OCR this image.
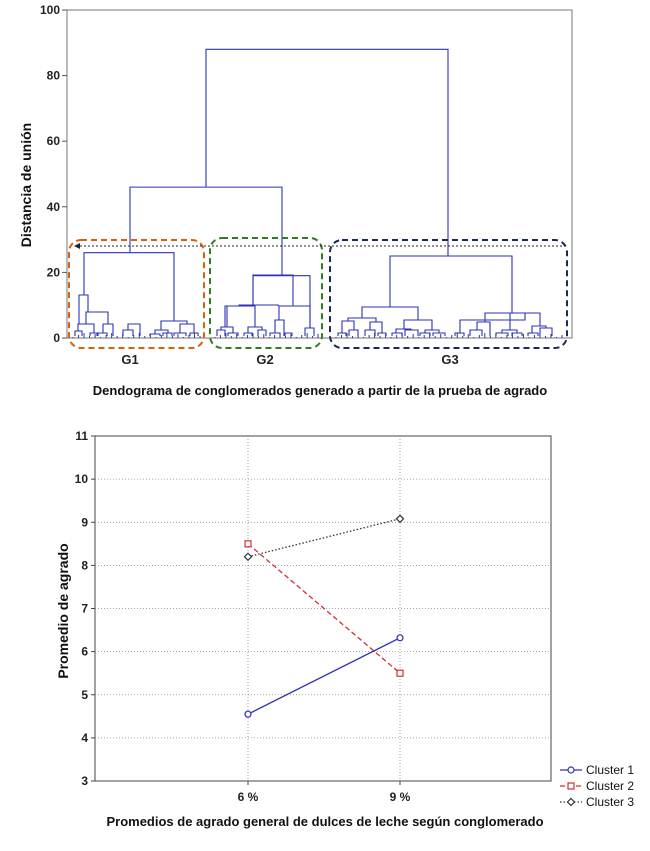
0
20
40
60
80
100
Distancia de unión
G1	G2	G3
Dendograma de conglomerados generado a partir de la prueba de agrado
3
4
5
6
7
8
9
10
11
6 %	9 %
Promedio de agrado
Cluster 1
Cluster 2
Cluster 3
Promedios de agrado general de dulces de leche según conglomerado
